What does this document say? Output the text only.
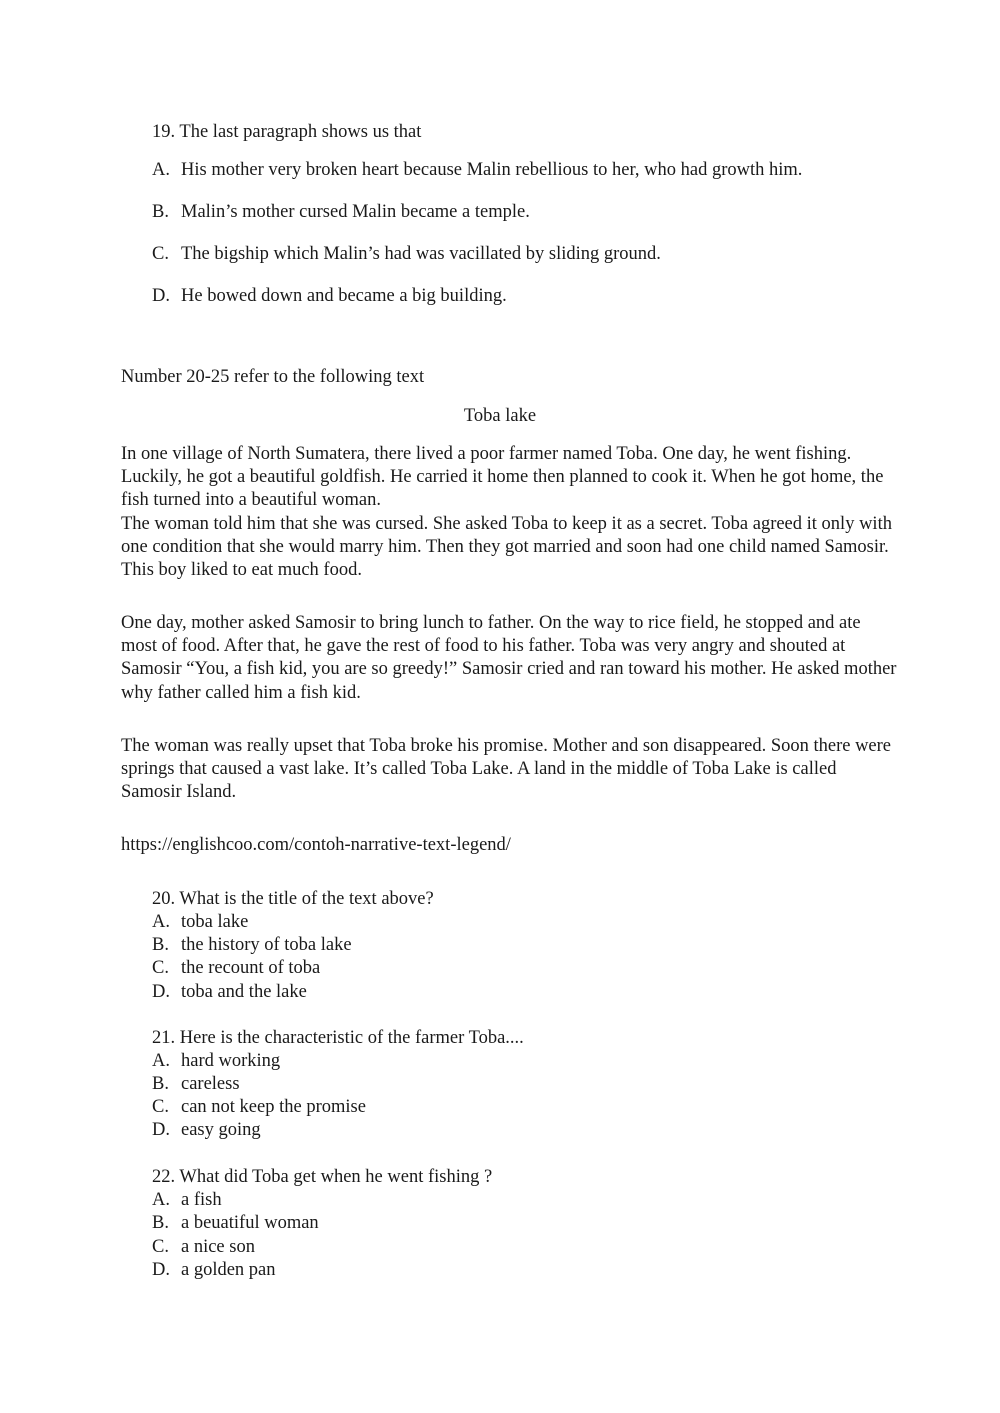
19. The last paragraph shows us that
A. His mother very broken heart because Malin rebellious to her, who had growth him.
B. Malin’s mother cursed Malin became a temple.
C. The bigship which Malin’s had was vacillated by sliding ground.
D. He bowed down and became a big building.
Number 20-25 refer to the following text
Toba lake

In one village of North Sumatera, there lived a poor farmer named Toba. One day, he went fishing. Luckily, he got a beautiful goldfish. He carried it home then planned to cook it. When he got home, the fish turned into a beautiful woman.

The woman told him that she was cursed. She asked Toba to keep it as a secret. Toba agreed it only with one condition that she would marry him. Then they got married and soon had one child named Samosir. This boy liked to eat much food.

One day, mother asked Samosir to bring lunch to father. On the way to rice field, he stopped and ate most of food. After that, he gave the rest of food to his father. Toba was very angry and shouted at Samosir “You, a fish kid, you are so greedy!” Samosir cried and ran toward his mother. He asked mother why father called him a fish kid.

The woman was really upset that Toba broke his promise. Mother and son disappeared. Soon there were springs that caused a vast lake. It’s called Toba Lake. A land in the middle of Toba Lake is called Samosir Island.

https://englishcoo.com/contoh-narrative-text-legend/
20. What is the title of the text above?
A. toba lake
B. the history of toba lake
C. the recount of toba
D. toba and the lake
21. Here is the characteristic of the farmer Toba....
A. hard working
B. careless
C. can not keep the promise
D. easy going
22. What did Toba get when he went fishing ?
A. a fish
B. a beuatiful woman
C. a nice son
D. a golden pan
